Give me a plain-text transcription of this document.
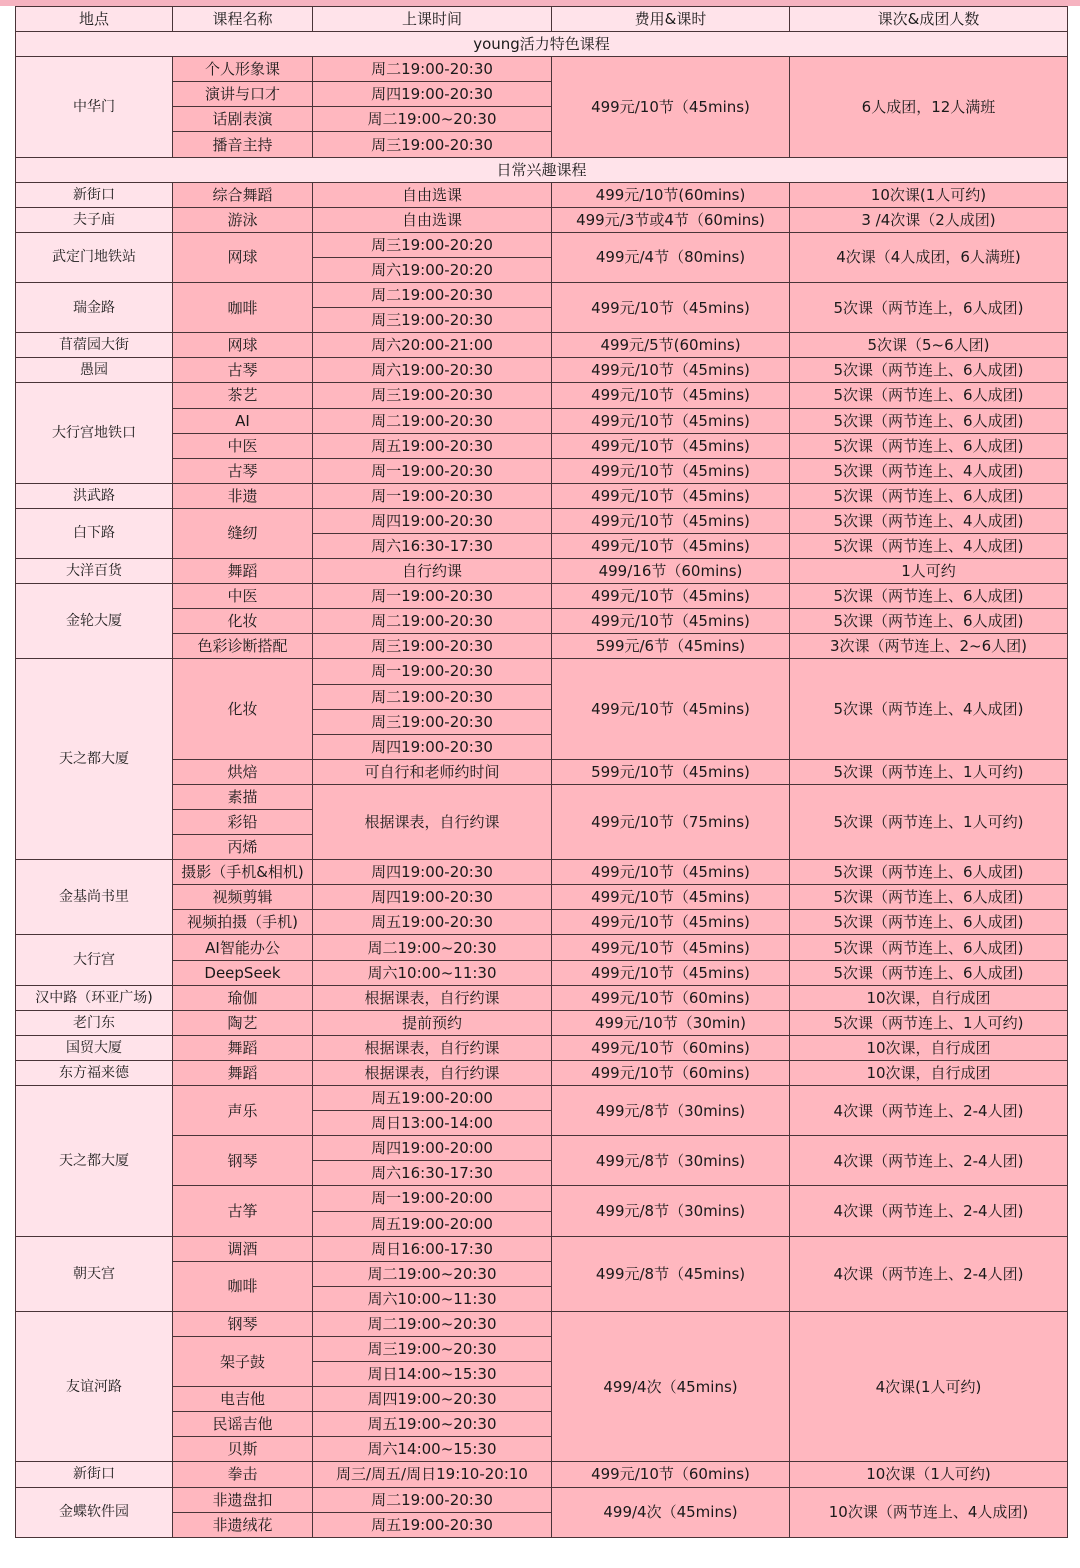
地点	课程名称	上课时间	费用&课时	课次&成团人数
young活力特色课程				
中华门	个人形象课	周二19:00-20:30	499元/10节（45mins)	6人成团，12人满班
	演讲与口才	周四19:00-20:30		
	话剧表演	周二19:00~20:30		
	播音主持	周三19:00-20:30		
日常兴趣课程				
新街口	综合舞蹈	自由选课	499元/10节(60mins)	10次课(1人可约)
夫子庙	游泳	自由选课	499元/3节或4节（60mins)	3 /4次课（2人成团)
武定门地铁站	网球	周三19:00-20:20	499元/4节（80mins)	4次课（4人成团，6人满班)
		周六19:00-20:20		
瑞金路	咖啡	周二19:00-20:30	499元/10节（45mins)	5次课（两节连上，6人成团)
		周三19:00-20:30		
苜蓿园大街	网球	周六20:00-21:00	499元/5节(60mins)	5次课（5~6人团)
愚园	古琴	周六19:00-20:30	499元/10节（45mins)	5次课（两节连上、6人成团)
大行宫地铁口	茶艺	周三19:00-20:30	499元/10节（45mins)	5次课（两节连上、6人成团)
	AI	周二19:00-20:30	499元/10节（45mins)	5次课（两节连上、6人成团)
	中医	周五19:00-20:30	499元/10节（45mins)	5次课（两节连上、6人成团)
	古琴	周一19:00-20:30	499元/10节（45mins)	5次课（两节连上、4人成团)
洪武路	非遗	周一19:00-20:30	499元/10节（45mins)	5次课（两节连上、6人成团)
白下路	缝纫	周四19:00-20:30	499元/10节（45mins)	5次课（两节连上、4人成团)
		周六16:30-17:30	499元/10节（45mins)	5次课（两节连上、4人成团)
大洋百货	舞蹈	自行约课	499/16节（60mins)	1人可约
金轮大厦	中医	周一19:00-20:30	499元/10节（45mins)	5次课（两节连上、6人成团)
	化妆	周二19:00-20:30	499元/10节（45mins)	5次课（两节连上、6人成团)
	色彩诊断搭配	周三19:00-20:30	599元/6节（45mins)	3次课（两节连上、2~6人团)
天之都大厦	化妆	周一19:00-20:30	499元/10节（45mins)	5次课（两节连上、4人成团)
		周二19:00-20:30		
		周三19:00-20:30		
		周四19:00-20:30		
	烘焙	可自行和老师约时间	599元/10节（45mins)	5次课（两节连上、1人可约)
	素描	根据课表，自行约课	499元/10节（75mins)	5次课（两节连上、1人可约)
	彩铅			
	丙烯			
金基尚书里	摄影（手机&相机)	周四19:00-20:30	499元/10节（45mins)	5次课（两节连上、6人成团)
	视频剪辑	周四19:00-20:30	499元/10节（45mins)	5次课（两节连上、6人成团)
	视频拍摄（手机)	周五19:00-20:30	499元/10节（45mins)	5次课（两节连上、6人成团)
大行宫	AI智能办公	周二19:00~20:30	499元/10节（45mins)	5次课（两节连上、6人成团)
	DeepSeek	周六10:00~11:30	499元/10节（45mins)	5次课（两节连上、6人成团)
汉中路（环亚广场)	瑜伽	根据课表，自行约课	499元/10节（60mins)	10次课，自行成团
老门东	陶艺	提前预约	499元/10节（30min)	5次课（两节连上、1人可约)
国贸大厦	舞蹈	根据课表，自行约课	499元/10节（60mins)	10次课，自行成团
东方福来德	舞蹈	根据课表，自行约课	499元/10节（60mins)	10次课，自行成团
天之都大厦	声乐	周五19:00-20:00	499元/8节（30mins)	4次课（两节连上、2-4人团)
		周日13:00-14:00		
	钢琴	周四19:00-20:00	499元/8节（30mins)	4次课（两节连上、2-4人团)
		周六16:30-17:30		
	古筝	周一19:00-20:00	499元/8节（30mins)	4次课（两节连上、2-4人团)
		周五19:00-20:00		
朝天宫	调酒	周日16:00-17:30	499元/8节（45mins)	4次课（两节连上、2-4人团)
	咖啡	周二19:00~20:30		
		周六10:00~11:30		
友谊河路	钢琴	周二19:00~20:30	499/4次（45mins)	4次课(1人可约)
	架子鼓	周三19:00~20:30		
		周日14:00~15:30		
	电吉他	周四19:00~20:30		
	民谣吉他	周五19:00~20:30		
	贝斯	周六14:00~15:30		
新街口	拳击	周三/周五/周日19:10-20:10	499元/10节（60mins)	10次课（1人可约)
金蝶软件园	非遗盘扣	周二19:00-20:30	499/4次（45mins)	10次课（两节连上、4人成团)
	非遗绒花	周五19:00-20:30		
